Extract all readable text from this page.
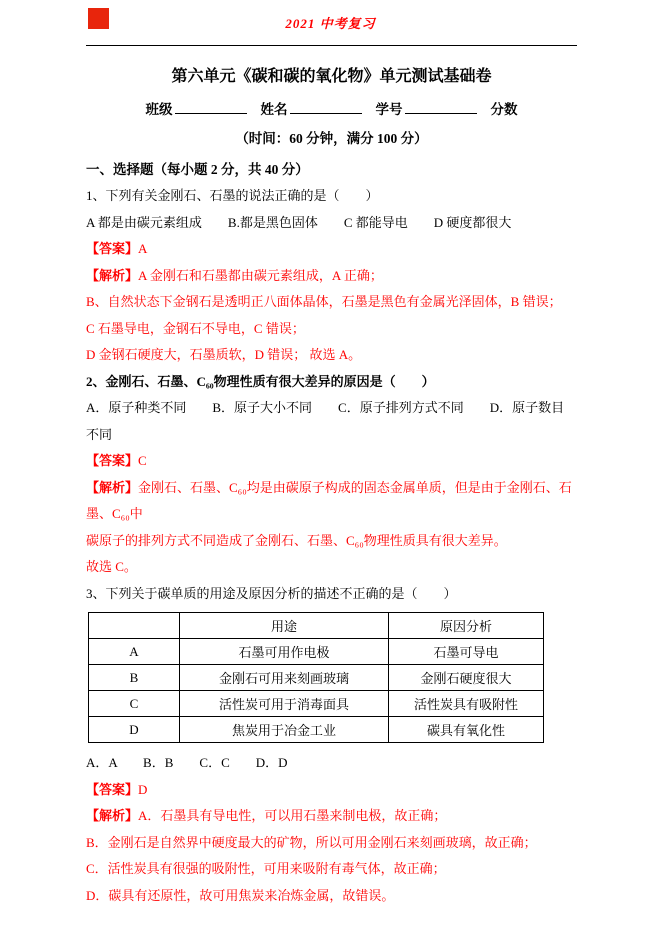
2021 中考复习
第六单元《碳和碳的氧化物》单元测试基础卷
班级	姓名	学号	分数
（时间：60 分钟，满分 100 分）
一、选择题（每小题 2 分，共 40 分）

1、下列有关金刚石、石墨的说法正确的是（　　）

A 都是由碳元素组成　　B.都是黑色固体　　C 都能导电　　D 硬度都很大

【答案】A

【解析】A 金刚石和石墨都由碳元素组成，A 正确；

B、自然状态下金钢石是透明正八面体晶体，石墨是黑色有金属光泽固体，B 错误；

C 石墨导电，金钢石不导电，C 错误；

D 金钢石硬度大，石墨质软，D 错误； 故选 A。

2、金刚石、石墨、C₆₀物理性质有很大差异的原因是（　　）

A．原子种类不同　　B．原子大小不同　　C．原子排列方式不同　　D．原子数目不同

【答案】C

【解析】金刚石、石墨、C₆₀均是由碳原子构成的固态金属单质，但是由于金刚石、石墨、C₆₀中

碳原子的排列方式不同造成了金刚石、石墨、C₆₀物理性质具有很大差异。

故选 C。

3、下列关于碳单质的用途及原因分析的描述不正确的是（　　）

	用途	原因分析
A	石墨可用作电极	石墨可导电
B	金刚石可用来刻画玻璃	金刚石硬度很大
C	活性炭可用于消毒面具	活性炭具有吸附性
D	焦炭用于冶金工业	碳具有氧化性

A．A　　B．B　　C．C　　D．D

【答案】D

【解析】A．石墨具有导电性，可以用石墨来制电极，故正确；

B．金刚石是自然界中硬度最大的矿物，所以可用金刚石来刻画玻璃，故正确；

C．活性炭具有很强的吸附性，可用来吸附有毒气体，故正确；

D．碳具有还原性，故可用焦炭来冶炼金属，故错误。
